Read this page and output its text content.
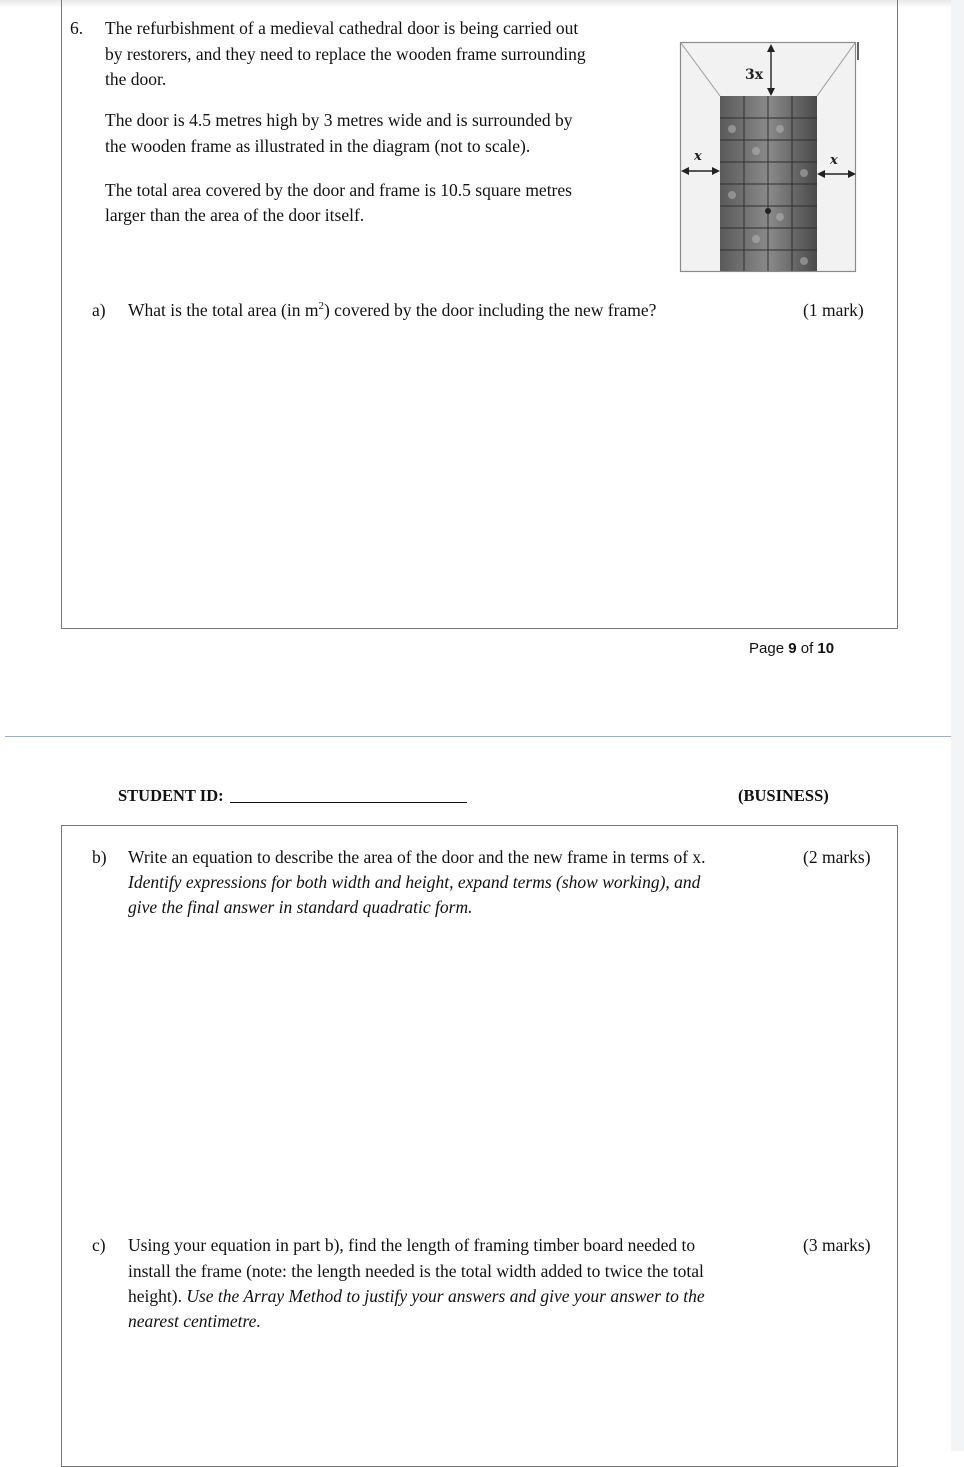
6. The refurbishment of a medieval cathedral door is being carried out
by restorers, and they need to replace the wooden frame surrounding
the door.
The door is 4.5 metres high by 3 metres wide and is surrounded by
the wooden frame as illustrated in the diagram (not to scale).
The total area covered by the door and frame is 10.5 square metres
larger than the area of the door itself.
3x
x	x
a) What is the total area (in $m^2$) covered by the door including the new frame?	(1 mark)
Page 9 of 10
STUDENT ID:	(BUSINESS)
b) Write an equation to describe the area of the door and the new frame in terms of x.
Identify expressions for both width and height, expand terms (show working), and
give the final answer in standard quadratic form.
(2 marks)
c) Using your equation in part b), find the length of framing timber board needed to
install the frame (note: the length needed is the total width added to twice the total
height). Use the Array Method to justify your answers and give your answer to the
nearest centimetre.
(3 marks)
